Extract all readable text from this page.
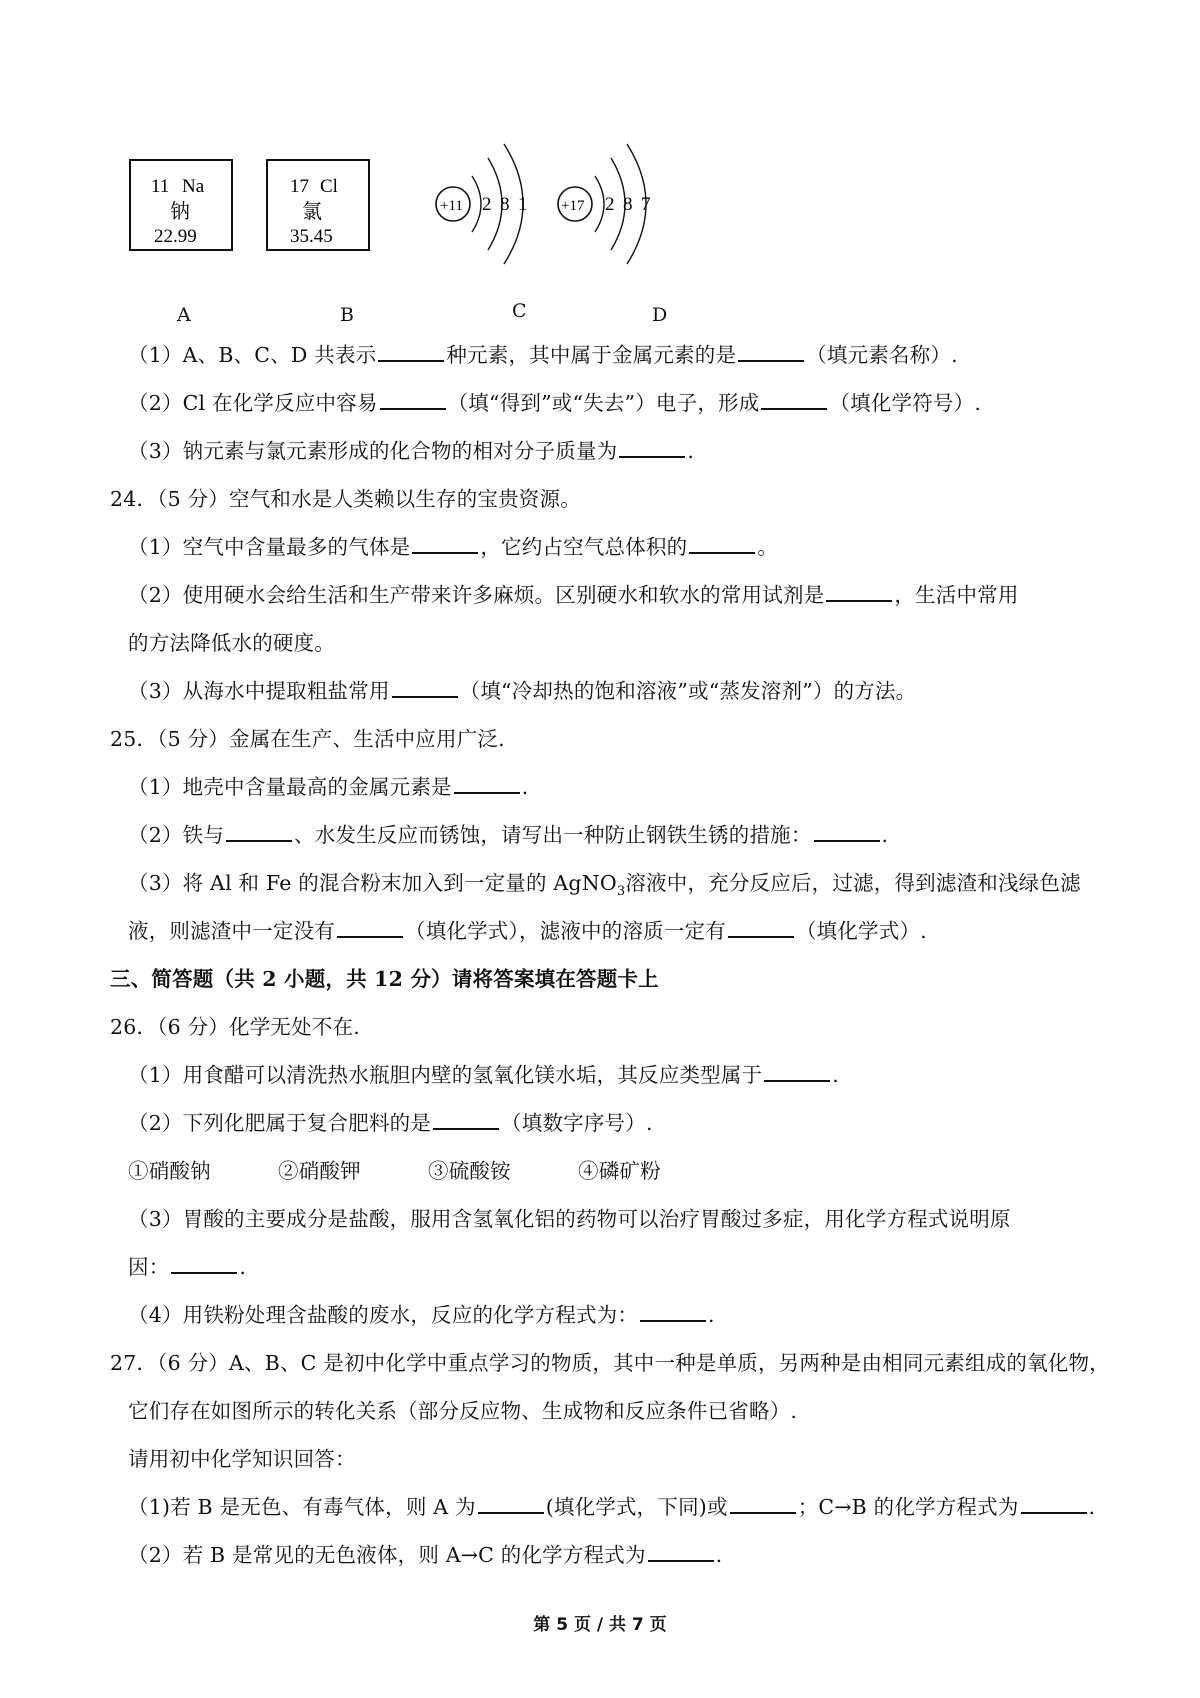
11 Na
钠
22.99
17 Cl
氯
35.45
+11 2 8 1 +17 2 8 7
A	B	C	D
（1）A、B、C、D 共表示	种元素，其中属于金属元素的是	（填元素名称）.
（2）Cl 在化学反应中容易	（填“得到”或“失去”）电子，形成	（填化学符号）.
（3）钠元素与氯元素形成的化合物的相对分子质量为	.
24．（5 分）空气和水是人类赖以生存的宝贵资源。
（1）空气中含量最多的气体是	，它约占空气总体积的	。
（2）使用硬水会给生活和生产带来许多麻烦。区别硬水和软水的常用试剂是	，生活中常用
的方法降低水的硬度。
（3）从海水中提取粗盐常用	（填“冷却热的饱和溶液”或“蒸发溶剂”）的方法。
25．（5 分）金属在生产、生活中应用广泛.
（1）地壳中含量最高的金属元素是	.
（2）铁与	、水发生反应而锈蚀，请写出一种防止钢铁生锈的措施：	.
（3）将 Al 和 Fe 的混合粉末加入到一定量的 AgNO$_3$溶液中，充分反应后，过滤，得到滤渣和浅绿色滤
液，则滤渣中一定没有	（填化学式），滤液中的溶质一定有	（填化学式）.
三、简答题（共 2 小题，共 12 分）请将答案填在答题卡上
26．（6 分）化学无处不在.
（1）用食醋可以清洗热水瓶胆内壁的氢氧化镁水垢，其反应类型属于	.
（2）下列化肥属于复合肥料的是	（填数字序号）.
①硝酸钠	②硝酸钾	③硫酸铵	④磷矿粉
（3）胃酸的主要成分是盐酸，服用含氢氧化铝的药物可以治疗胃酸过多症，用化学方程式说明原
因：	.
（4）用铁粉处理含盐酸的废水，反应的化学方程式为：	.
27．（6 分）A、B、C 是初中化学中重点学习的物质，其中一种是单质，另两种是由相同元素组成的氧化物，
它们存在如图所示的转化关系（部分反应物、生成物和反应条件已省略）.
请用初中化学知识回答：
（1)若 B 是无色、有毒气体，则 A 为	(填化学式，下同)或	；C→B 的化学方程式为	.
（2）若 B 是常见的无色液体，则 A→C 的化学方程式为	.
第 5 页 / 共 7 页
